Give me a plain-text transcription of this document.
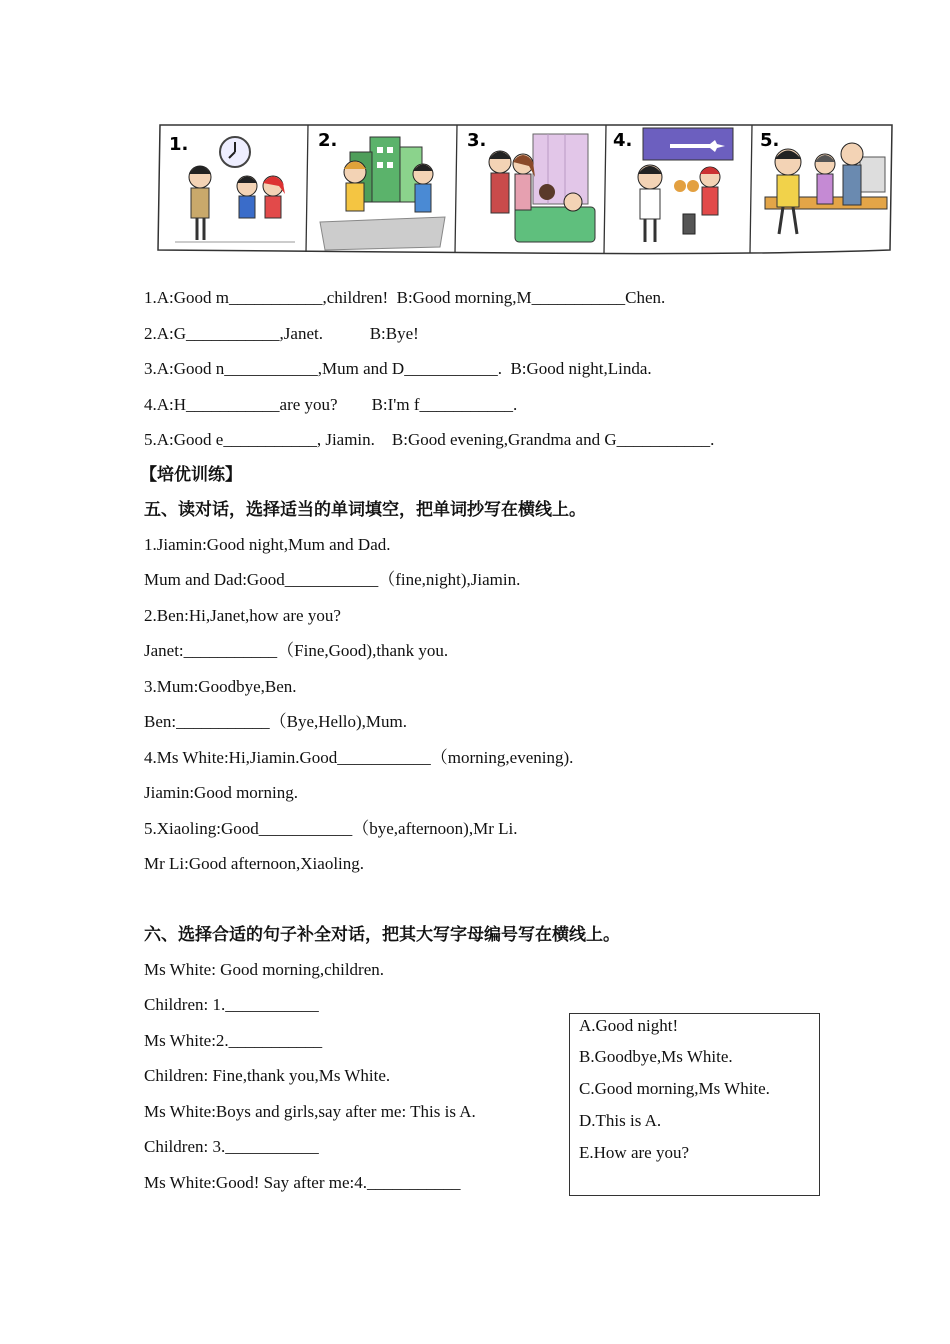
1.	2.	3.	4.	5.
1.A:Good m___________,children!  B:Good morning,M___________Chen.
2.A:G___________,Janet.           B:Bye!
3.A:Good n___________,Mum and D___________.  B:Good night,Linda.
4.A:H___________are you?        B:I'm f___________.
5.A:Good e___________, Jiamin.    B:Good evening,Grandma and G___________.
【培优训练】
五、读对话，选择适当的单词填空，把单词抄写在横线上。
1.Jiamin:Good night,Mum and Dad.
Mum and Dad:Good___________（fine,night),Jiamin.
2.Ben:Hi,Janet,how are you?
Janet:___________（Fine,Good),thank you.
3.Mum:Goodbye,Ben.
Ben:___________（Bye,Hello),Mum.
4.Ms White:Hi,Jiamin.Good___________（morning,evening).
Jiamin:Good morning.
5.Xiaoling:Good___________（bye,afternoon),Mr Li.
Mr Li:Good afternoon,Xiaoling.
六、选择合适的句子补全对话，把其大写字母编号写在横线上。
Ms White: Good morning,children.
Children: 1.___________
Ms White:2.___________
Children: Fine,thank you,Ms White.
Ms White:Boys and girls,say after me: This is A.
Children: 3.___________
Ms White:Good! Say after me:4.___________
A.Good night!
B.Goodbye,Ms White.
C.Good morning,Ms White.
D.This is A.
E.How are you?
